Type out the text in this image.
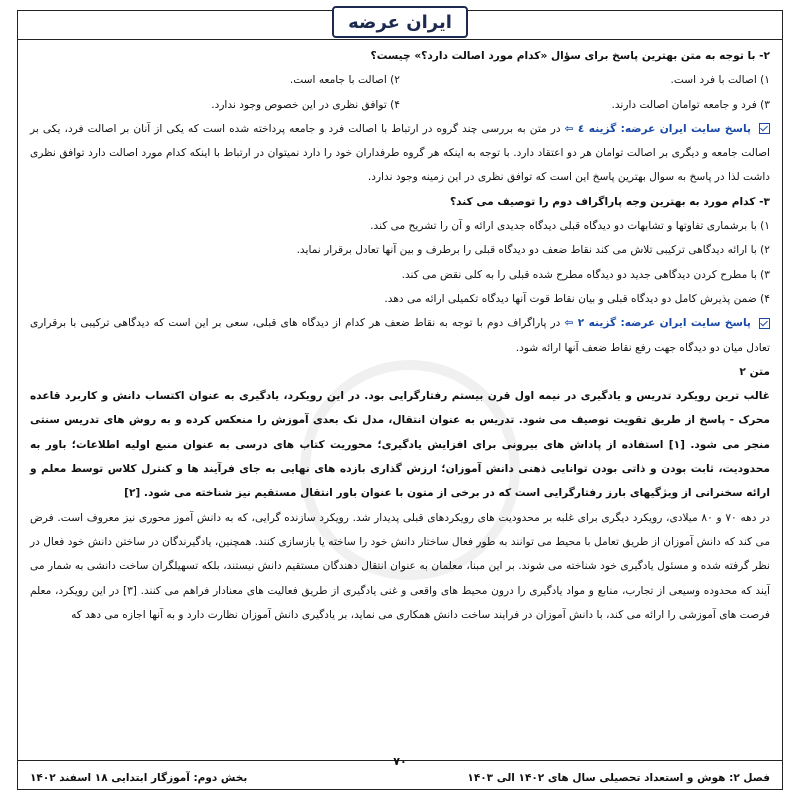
ایران عرضه

۲- با توجه به متن بهترین پاسخ برای سؤال «کدام مورد اصالت دارد؟» چیست؟

۱) اصالت با فرد است.
۲) اصالت با جامعه است.
۳) فرد و جامعه توامان اصالت دارند.
۴) توافق نظری در این خصوص وجود ندارد.

پاسخ سایت ایران عرضه: گزینه ٤ ⇦ در متن به بررسی چند گروه در ارتباط با اصالت فرد و جامعه پرداخته شده است که یکی از آنان بر اصالت فرد، یکی بر اصالت جامعه و دیگری بر اصالت توامان هر دو اعتقاد دارد. با توجه به اینکه هر گروه طرفداران خود را دارد نمیتوان در ارتباط با اینکه کدام مورد اصالت دارد توافق نظری داشت لذا در پاسخ به سوال بهترین پاسخ این است که توافق نظری در این زمینه وجود ندارد.

۳- کدام مورد به بهترین وجه پاراگراف دوم را توصیف می کند؟

۱) با برشماری تفاوتها و تشابهات دو دیدگاه قبلی دیدگاه جدیدی ارائه و آن را تشریح می کند.

۲) با ارائه دیدگاهی ترکیبی تلاش می کند نقاط ضعف دو دیدگاه قبلی را برطرف و بین آنها تعادل برقرار نماید.

۳) با مطرح کردن دیدگاهی جدید دو دیدگاه مطرح شده قبلی را به کلی نقض می کند.

۴) ضمن پذیرش کامل دو دیدگاه قبلی و بیان نقاط قوت آنها دیدگاه تکمیلی ارائه می دهد.

پاسخ سایت ایران عرضه: گزینه ۲ ⇦ در پاراگراف دوم با توجه به نقاط ضعف هر کدام از دیدگاه های قبلی، سعی بر این است که دیدگاهی ترکیبی با برقراری تعادل میان دو دیدگاه جهت رفع نقاط ضعف آنها ارائه شود.

متن ۲

غالب ترین رویکرد تدریس و یادگیری در نیمه اول قرن بیستم رفتارگرایی بود. در این رویکرد، یادگیری به عنوان اکتساب دانش و کاربرد قاعده محرک - پاسخ از طریق تقویت توصیف می شود. تدریس به عنوان انتقال، مدل تک بعدی آموزش را منعکس کرده و به روش های تدریس سنتی منجر می شود. [۱] استفاده از پاداش های بیرونی برای افزایش یادگیری؛ محوریت کتاب های درسی به عنوان منبع اولیه اطلاعات؛ باور به محدودیت، ثابت بودن و ذاتی بودن توانایی ذهنی دانش آموزان؛ ارزش گذاری بازده های نهایی به جای فرآیند ها و کنترل کلاس توسط معلم و ارائه سخنرانی از ویژگیهای بارز رفتارگرایی است که در برخی از متون با عنوان باور انتقال مستقیم نیز شناخته می شود. [۲]

در دهه ۷۰ و ۸۰ میلادی، رویکرد دیگری برای غلبه بر محدودیت های رویکردهای قبلی پدیدار شد. رویکرد سازنده گرایی، که به دانش آموز محوری نیز معروف است. فرض می کند که دانش آموزان از طریق تعامل با محیط می توانند به طور فعال ساختار دانش خود را ساخته یا بازسازی کنند. همچنین، یادگیرندگان در ساختن دانش خود فعال در نظر گرفته شده و مسئول یادگیری خود شناخته می شوند. بر این مبنا، معلمان به عنوان انتقال دهندگان مستقیم دانش نیستند، بلکه تسهیلگران ساخت دانشی به شمار می آیند که محدوده وسیعی از تجارب، منابع و مواد یادگیری را درون محیط های واقعی و غنی یادگیری از طریق فعالیت های معنادار فراهم می کنند. [۳] در این رویکرد، معلم فرصت های آموزشی را ارائه می کند، با دانش آموزان در فرایند ساخت دانش همکاری می نماید، بر یادگیری دانش آموزان نظارت دارد و به آنها اجازه می دهد که

۷۰
فصل ۲: هوش و استعداد تحصیلی سال های ۱۴۰۲ الی ۱۴۰۳
بخش دوم: آموزگار ابتدایی ۱۸ اسفند ۱۴۰۲
